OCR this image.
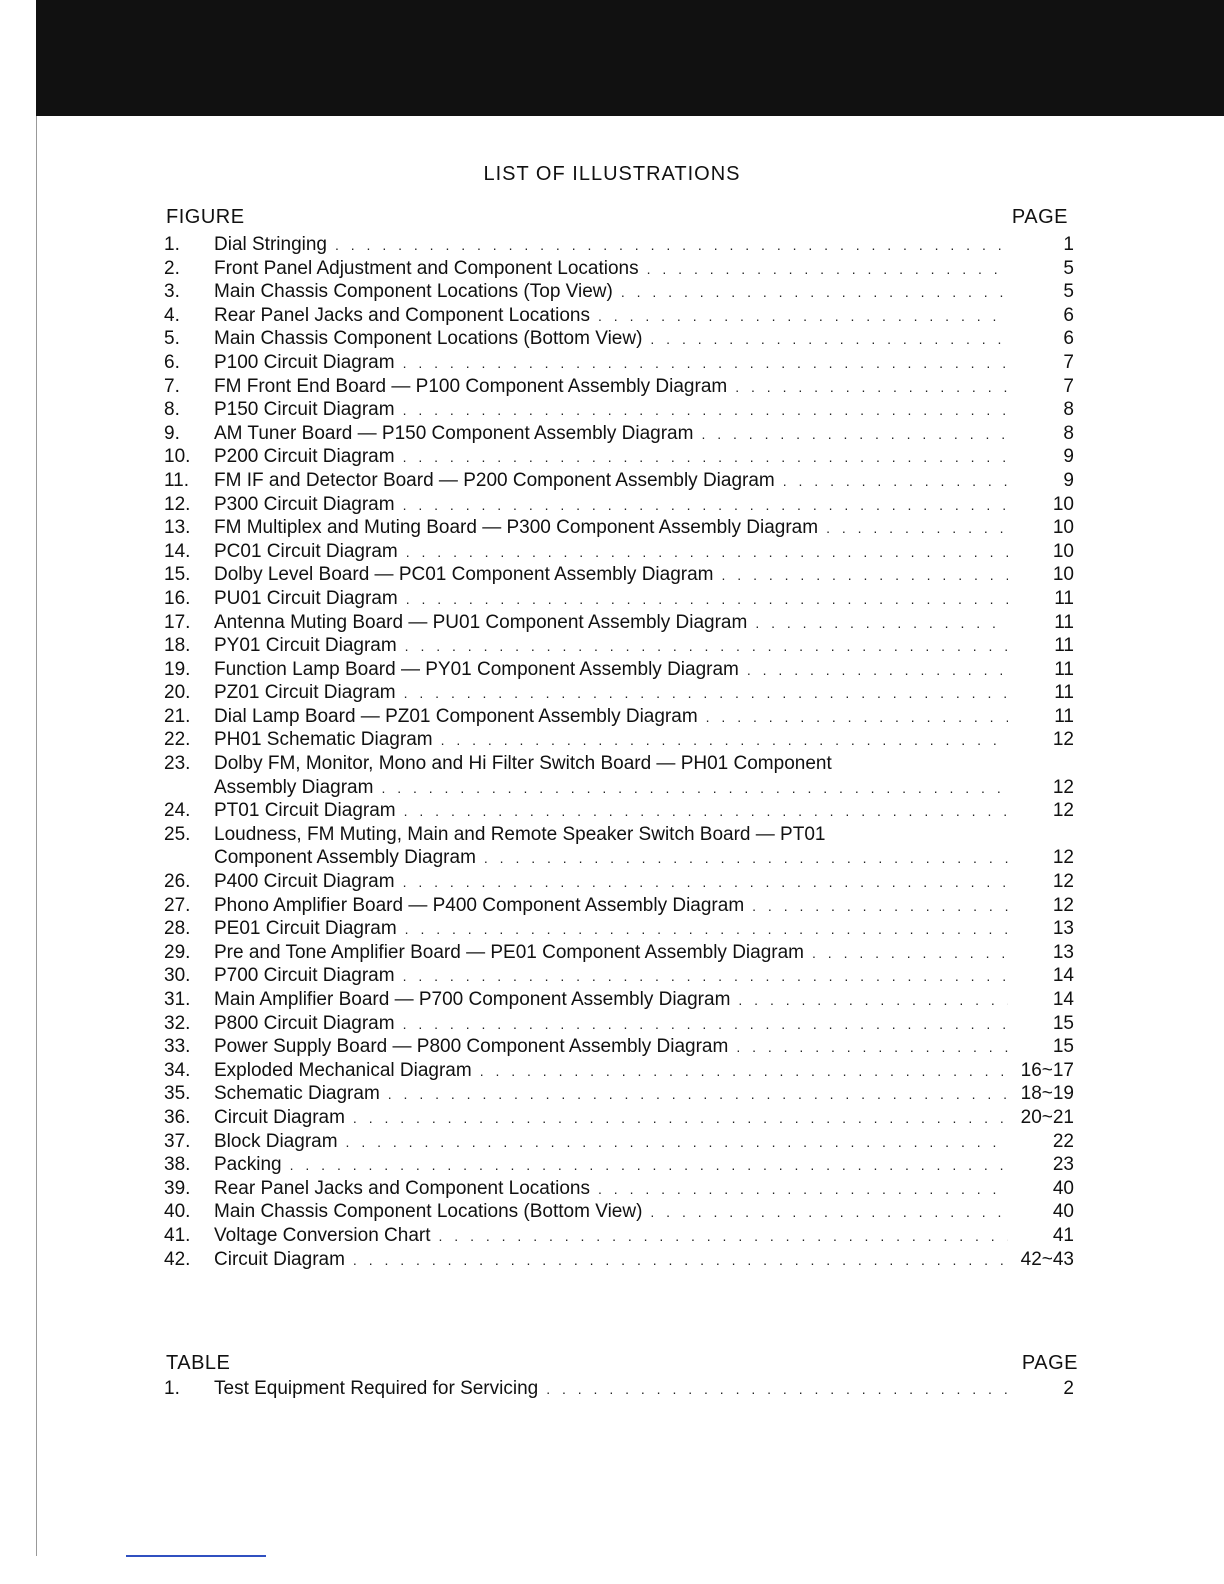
LIST OF ILLUSTRATIONS
FIGURE	PAGE
1.	Dial Stringing . . .	1
2.	Front Panel Adjustment and Component Locations . . .	5
3.	Main Chassis Component Locations (Top View) . . .	5
4.	Rear Panel Jacks and Component Locations . . .	6
5.	Main Chassis Component Locations (Bottom View) . . .	6
6.	P100 Circuit Diagram . . .	7
7.	FM Front End Board — P100 Component Assembly Diagram . . .	7
8.	P150 Circuit Diagram . . .	8
9.	AM Tuner Board — P150 Component Assembly Diagram . . .	8
10.	P200 Circuit Diagram . . .	9
11.	FM IF and Detector Board — P200 Component Assembly Diagram . . .	9
12.	P300 Circuit Diagram . . .	10
13.	FM Multiplex and Muting Board — P300 Component Assembly Diagram . . .	10
14.	PC01 Circuit Diagram . . .	10
15.	Dolby Level Board — PC01 Component Assembly Diagram . . .	10
16.	PU01 Circuit Diagram . . .	11
17.	Antenna Muting Board — PU01 Component Assembly Diagram . . .	11
18.	PY01 Circuit Diagram . . .	11
19.	Function Lamp Board — PY01 Component Assembly Diagram . . .	11
20.	PZ01 Circuit Diagram . . .	11
21.	Dial Lamp Board — PZ01 Component Assembly Diagram . . .	11
22.	PH01 Schematic Diagram . . .	12
23.	Dolby FM, Monitor, Mono and Hi Filter Switch Board — PH01 Component
Assembly Diagram . . .	12
24.	PT01 Circuit Diagram . . .	12
25.	Loudness, FM Muting, Main and Remote Speaker Switch Board — PT01
Component Assembly Diagram . . .	12
26.	P400 Circuit Diagram . . .	12
27.	Phono Amplifier Board — P400 Component Assembly Diagram . . .	12
28.	PE01 Circuit Diagram . . .	13
29.	Pre and Tone Amplifier Board — PE01 Component Assembly Diagram . . .	13
30.	P700 Circuit Diagram . . .	14
31.	Main Amplifier Board — P700 Component Assembly Diagram . . .	14
32.	P800 Circuit Diagram . . .	15
33.	Power Supply Board — P800 Component Assembly Diagram . . .	15
34.	Exploded Mechanical Diagram . . .	16~17
35.	Schematic Diagram . . .	18~19
36.	Circuit Diagram . . .	20~21
37.	Block Diagram . . .	22
38.	Packing . . .	23
39.	Rear Panel Jacks and Component Locations . . .	40
40.	Main Chassis Component Locations (Bottom View) . . .	40
41.	Voltage Conversion Chart . . .	41
42.	Circuit Diagram . . .	42~43
TABLE	PAGE
1.	Test Equipment Required for Servicing . . .	2
